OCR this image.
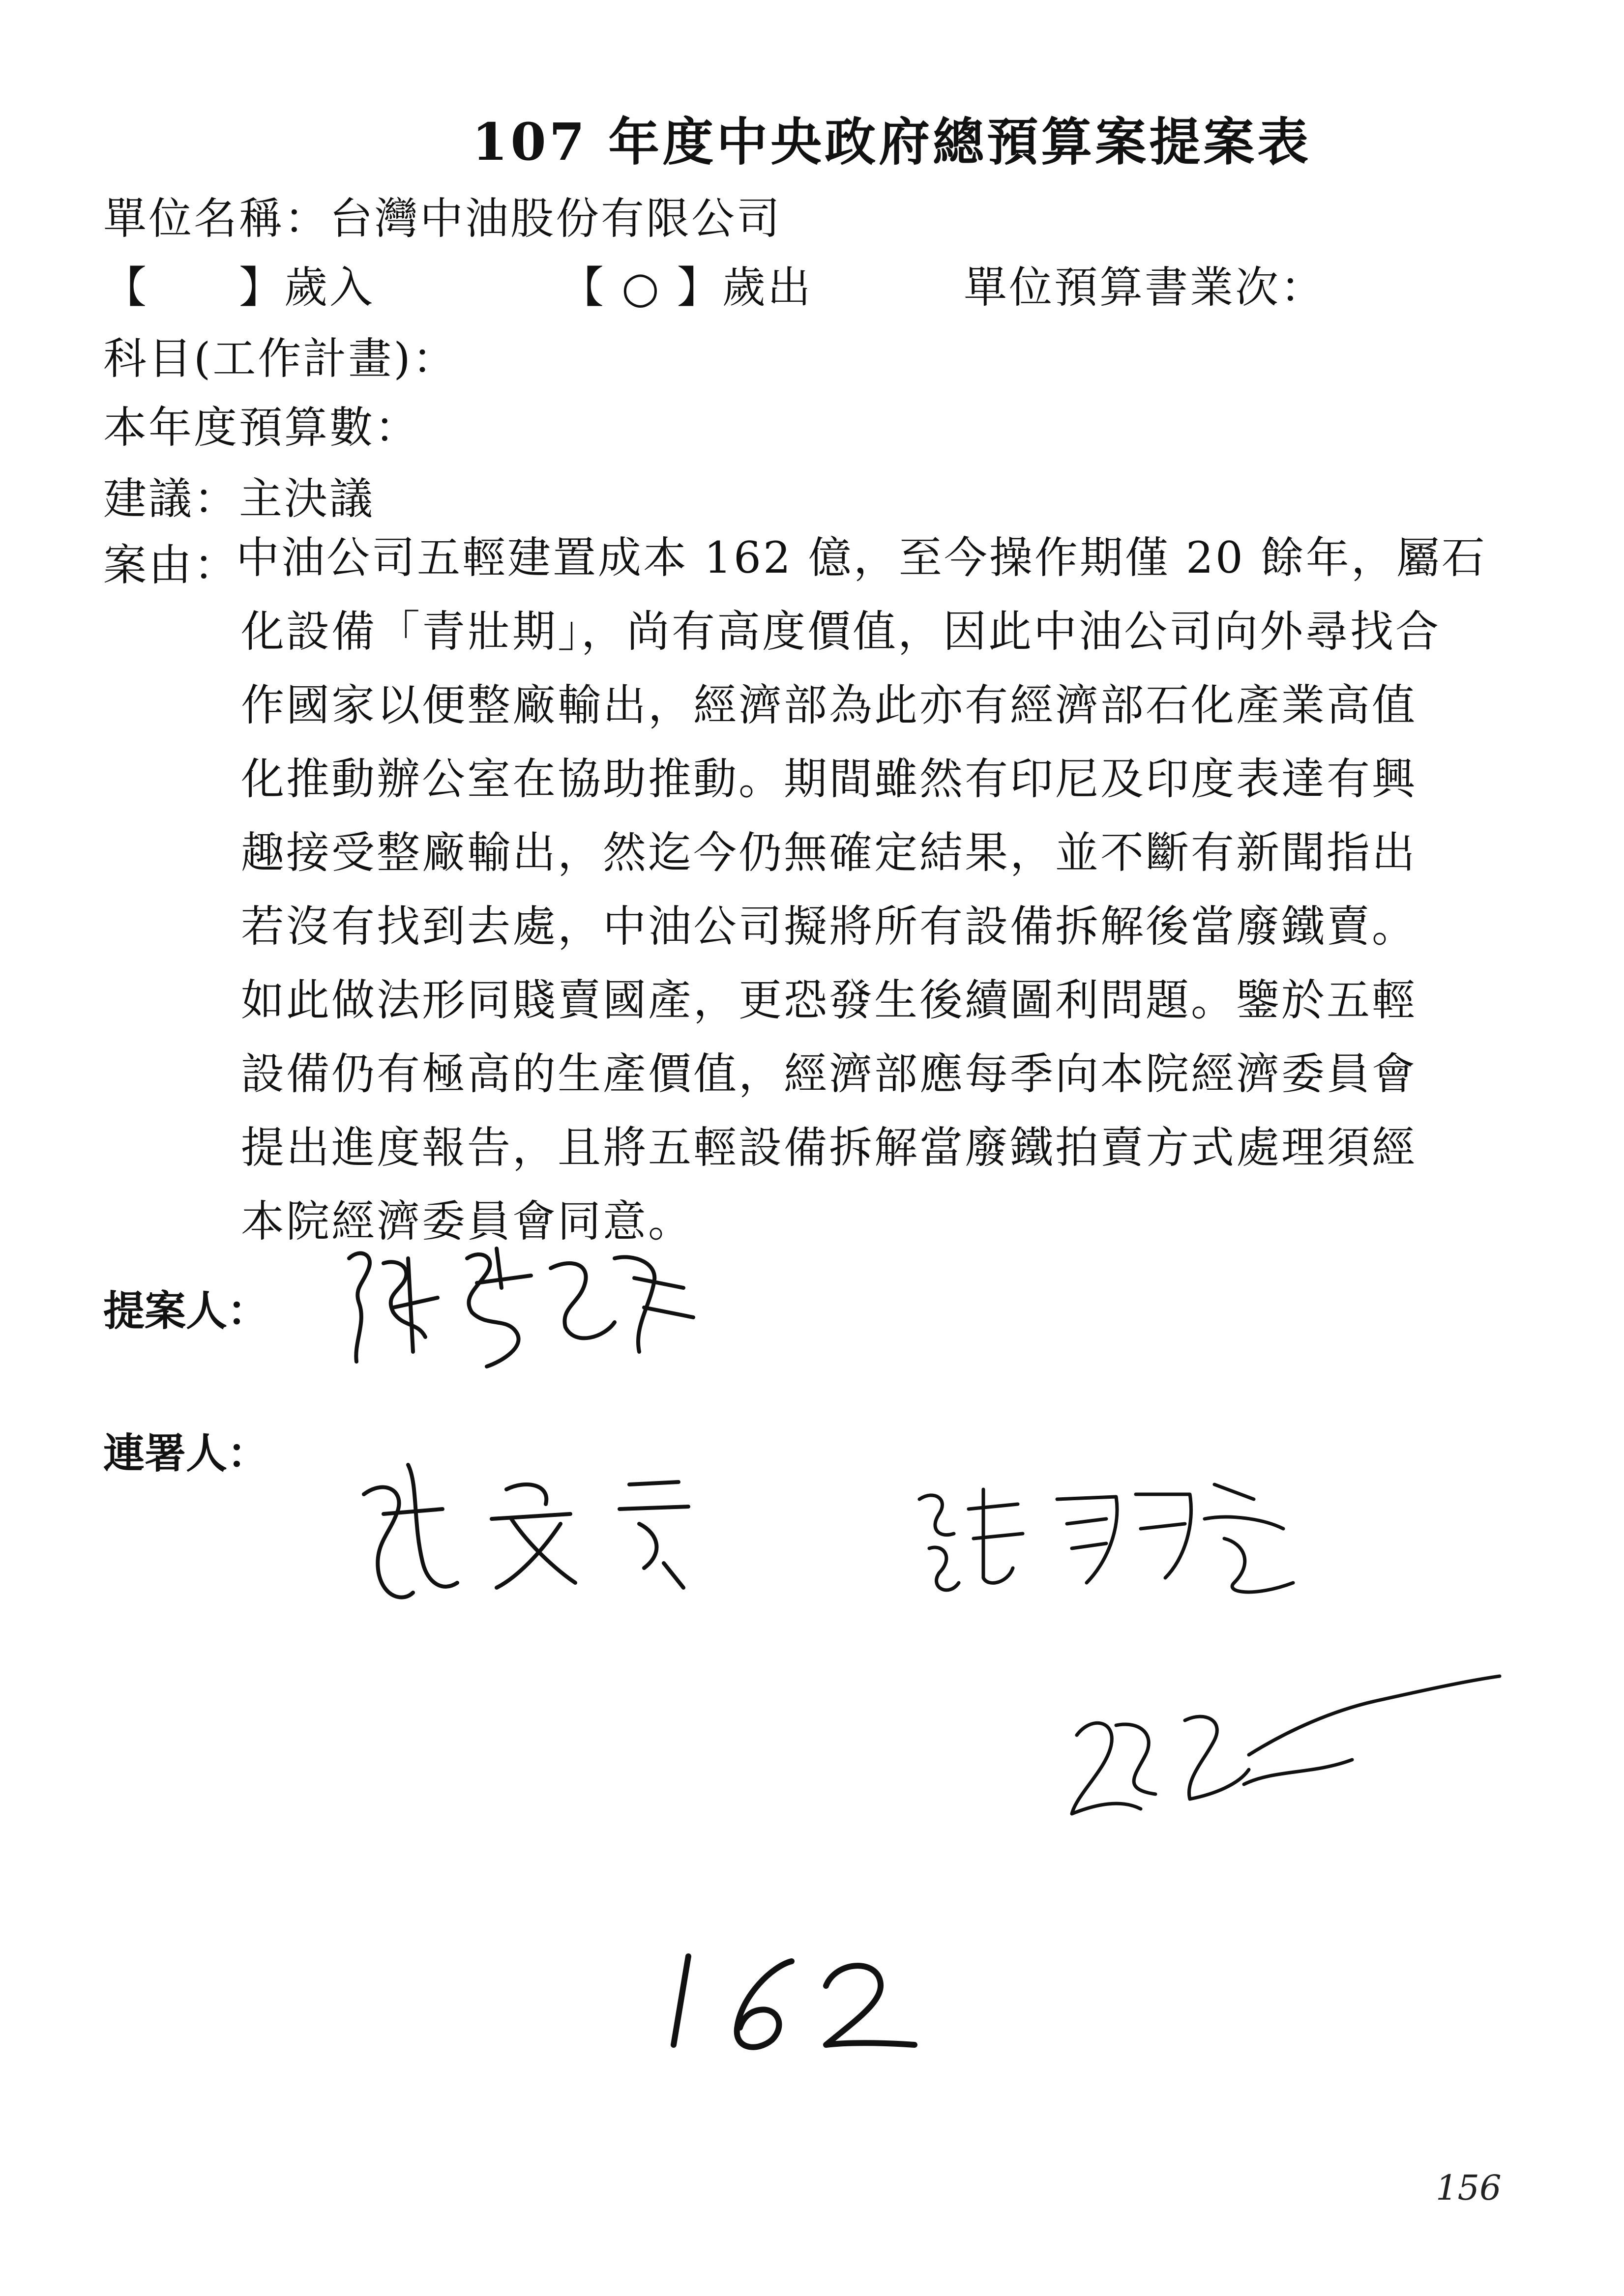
107 年度中央政府總預算案提案表
單位名稱：台灣中油股份有限公司
【　　】歲入	【 ○ 】歲出	單位預算書業次：
科目(工作計畫)：
本年度預算數：
建議：主決議
案由：
中油公司五輕建置成本 162 億，至今操作期僅 20 餘年，屬石
化設備「青壯期」，尚有高度價值，因此中油公司向外尋找合
作國家以便整廠輸出，經濟部為此亦有經濟部石化產業高值
化推動辦公室在協助推動。期間雖然有印尼及印度表達有興
趣接受整廠輸出，然迄今仍無確定結果，並不斷有新聞指出
若沒有找到去處，中油公司擬將所有設備拆解後當廢鐵賣。
如此做法形同賤賣國產，更恐發生後續圖利問題。鑒於五輕
設備仍有極高的生產價值，經濟部應每季向本院經濟委員會
提出進度報告，且將五輕設備拆解當廢鐵拍賣方式處理須經
本院經濟委員會同意。
提案人：
連署人：
156
